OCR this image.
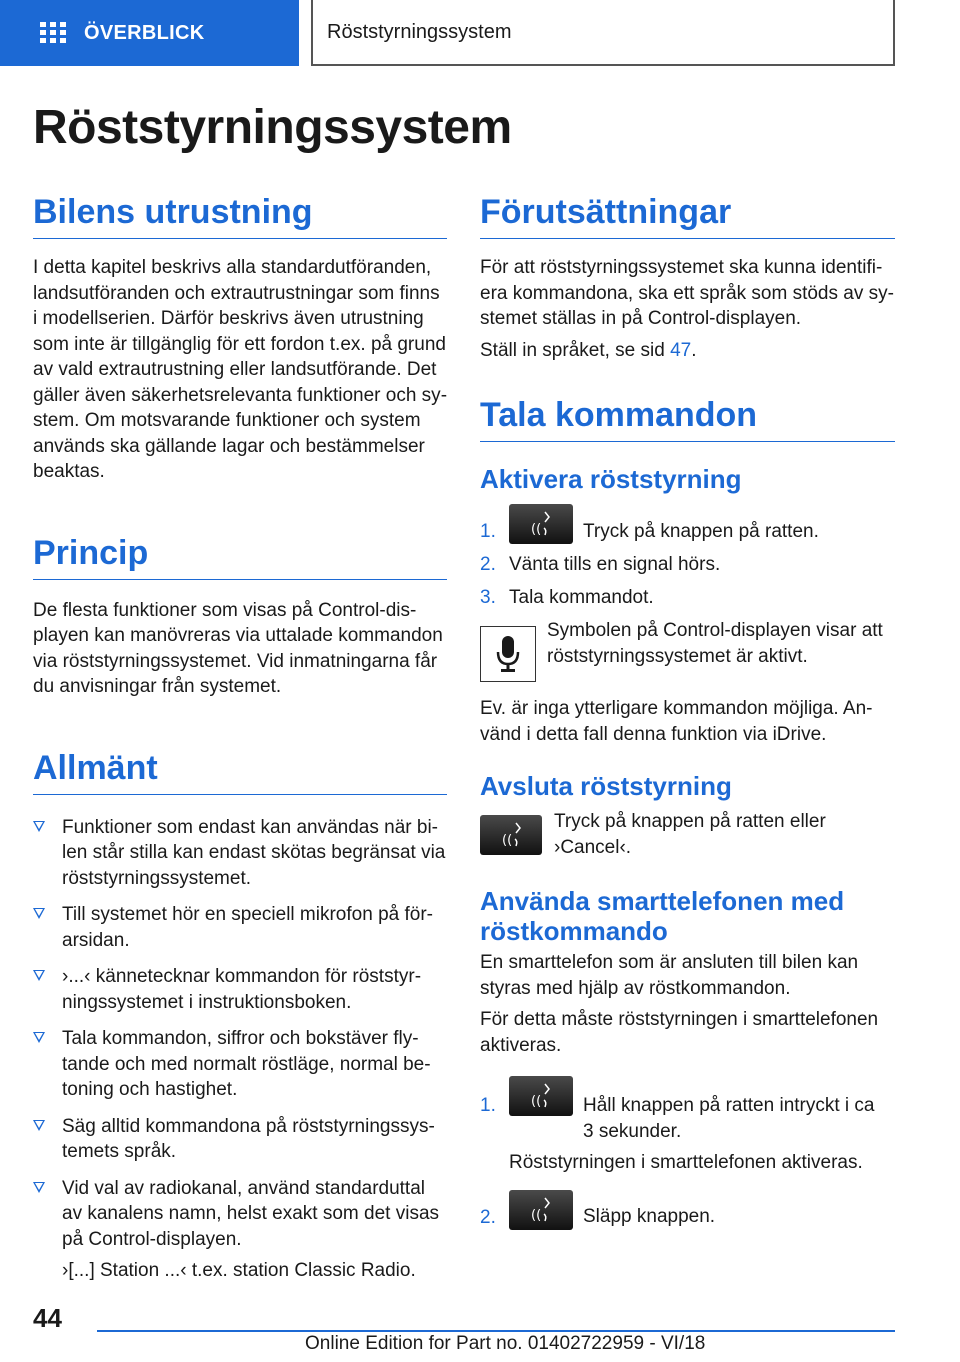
ÖVERBLICK	Röststyrningssystem
Röststyrningssystem
Bilens utrustning

I detta kapitel beskrivs alla standardutföranden, landsutföranden och extrautrustningar som finns i modellserien. Därför beskrivs även utrustning som inte är tillgänglig för ett fordon t.ex. på grund av vald extrautrustning eller landsutförande. Det gäller även säkerhetsrelevanta funktioner och system. Om motsvarande funktioner och system används ska gällande lagar och bestämmelser beaktas.

Princip

De flesta funktioner som visas på Control-displayen kan manövreras via uttalade kommandon via röststyrningssystemet. Vid inmatningarna får du anvisningar från systemet.

Allmänt
Funktioner som endast kan användas när bilen står stilla kan endast skötas begränsat via röststyrningssystemet.
Till systemet hör en speciell mikrofon på förarsidan.
›...‹ kännetecknar kommandon för röststyrningssystemet i instruktionsboken.
Tala kommandon, siffror och bokstäver flytande och med normalt röstläge, normal betoning och hastighet.
Säg alltid kommandona på röststyrningssystemets språk.
Vid val av radiokanal, använd standarduttal av kanalens namn, helst exakt som det visas på Control-displayen.

›[...] Station ...‹ t.ex. station Classic Radio.

Förutsättningar

För att röststyrningssystemet ska kunna identifiera kommandona, ska ett språk som stöds av systemet ställas in på Control-displayen.

Ställ in språket, se sid 47.

Tala kommandon
Aktivera röststyrning
1.	(( Tryck på knappen på ratten.
2. Vänta tills en signal hörs.
3. Tala kommandot.

Symbolen på Control-displayen visar att röststyrningssystemet är aktivt.

Ev. är inga ytterligare kommandon möjliga. Använd i detta fall denna funktion via iDrive.

Avsluta röststyrning
((

Tryck på knappen på ratten eller ›Cancel‹.

Använda smarttelefonen med röstkommando

En smarttelefon som är ansluten till bilen kan styras med hjälp av röstkommandon.

För detta måste röststyrningen i smarttelefonen aktiveras.

1.	(( Håll knappen på ratten intryckt i ca 3 sekunder.

Röststyrningen i smarttelefonen aktiveras.

2.	(( Släpp knappen.
44
Online Edition for Part no. 01402722959 - VI/18
